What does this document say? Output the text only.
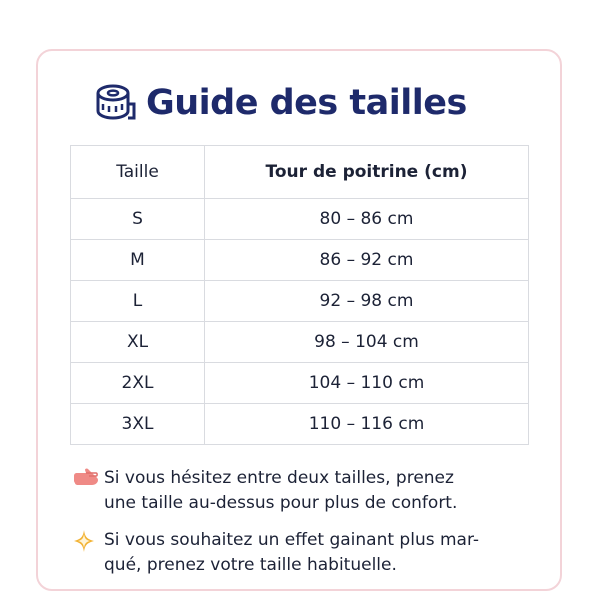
Guide des tailles
Taille	Tour de poitrine (cm)
S	80 – 86 cm
M	86 – 92 cm
L	92 – 98 cm
XL	98 – 104 cm
2XL	104 – 110 cm
3XL	110 – 116 cm
Si vous hésitez entre deux tailles, prenez
une taille au-dessus pour plus de confort.
Si vous souhaitez un effet gainant plus mar-
qué, prenez votre taille habituelle.
